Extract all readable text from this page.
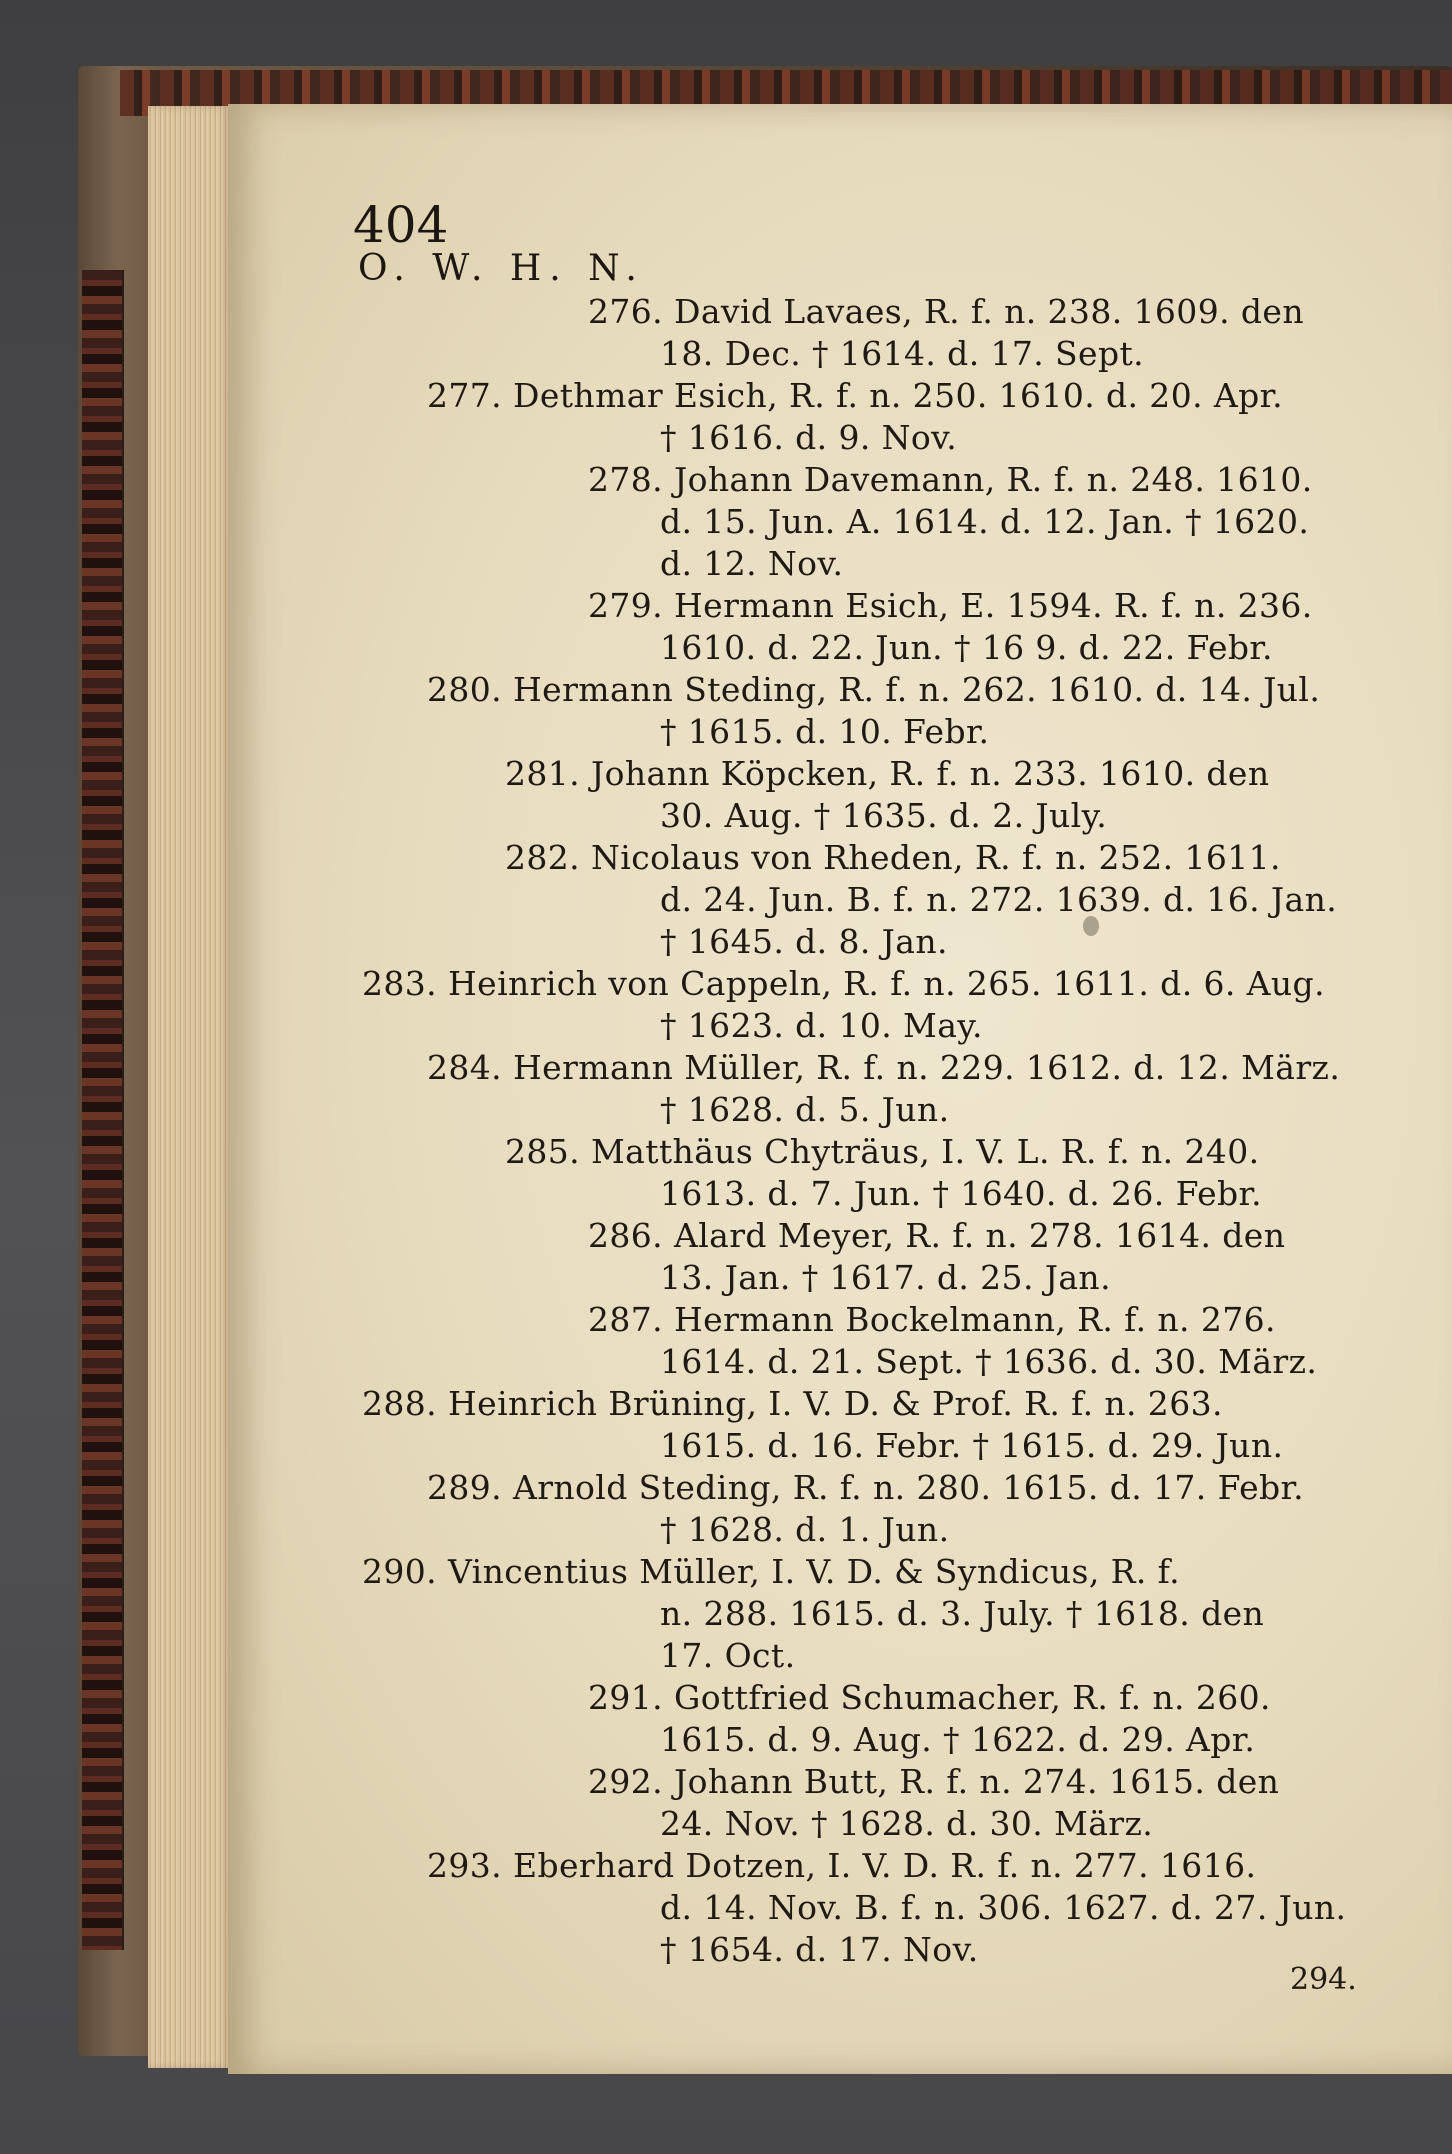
404
O. W. H. N.
276. David Lavaes, R. f. n. 238. 1609. den
18. Dec. † 1614. d. 17. Sept.
277. Dethmar Esich, R. f. n. 250. 1610. d. 20. Apr.
† 1616. d. 9. Nov.
278. Johann Davemann, R. f. n. 248. 1610.
d. 15. Jun. A. 1614. d. 12. Jan. † 1620.
d. 12. Nov.
279. Hermann Esich, E. 1594. R. f. n. 236.
1610. d. 22. Jun. † 16 9. d. 22. Febr.
280. Hermann Steding, R. f. n. 262. 1610. d. 14. Jul.
† 1615. d. 10. Febr.
281. Johann Köpcken, R. f. n. 233. 1610. den
30. Aug. † 1635. d. 2. July.
282. Nicolaus von Rheden, R. f. n. 252. 1611.
d. 24. Jun. B. f. n. 272. 1639. d. 16. Jan.
† 1645. d. 8. Jan.
283. Heinrich von Cappeln, R. f. n. 265. 1611. d. 6. Aug.
† 1623. d. 10. May.
284. Hermann Müller, R. f. n. 229. 1612. d. 12. März.
† 1628. d. 5. Jun.
285. Matthäus Chyträus, I. V. L. R. f. n. 240.
1613. d. 7. Jun. † 1640. d. 26. Febr.
286. Alard Meyer, R. f. n. 278. 1614. den
13. Jan. † 1617. d. 25. Jan.
287. Hermann Bockelmann, R. f. n. 276.
1614. d. 21. Sept. † 1636. d. 30. März.
288. Heinrich Brüning, I. V. D. & Prof. R. f. n. 263.
1615. d. 16. Febr. † 1615. d. 29. Jun.
289. Arnold Steding, R. f. n. 280. 1615. d. 17. Febr.
† 1628. d. 1. Jun.
290. Vincentius Müller, I. V. D. & Syndicus, R. f.
n. 288. 1615. d. 3. July. † 1618. den
17. Oct.
291. Gottfried Schumacher, R. f. n. 260.
1615. d. 9. Aug. † 1622. d. 29. Apr.
292. Johann Butt, R. f. n. 274. 1615. den
24. Nov. † 1628. d. 30. März.
293. Eberhard Dotzen, I. V. D. R. f. n. 277. 1616.
d. 14. Nov. B. f. n. 306. 1627. d. 27. Jun.
† 1654. d. 17. Nov.
294.
